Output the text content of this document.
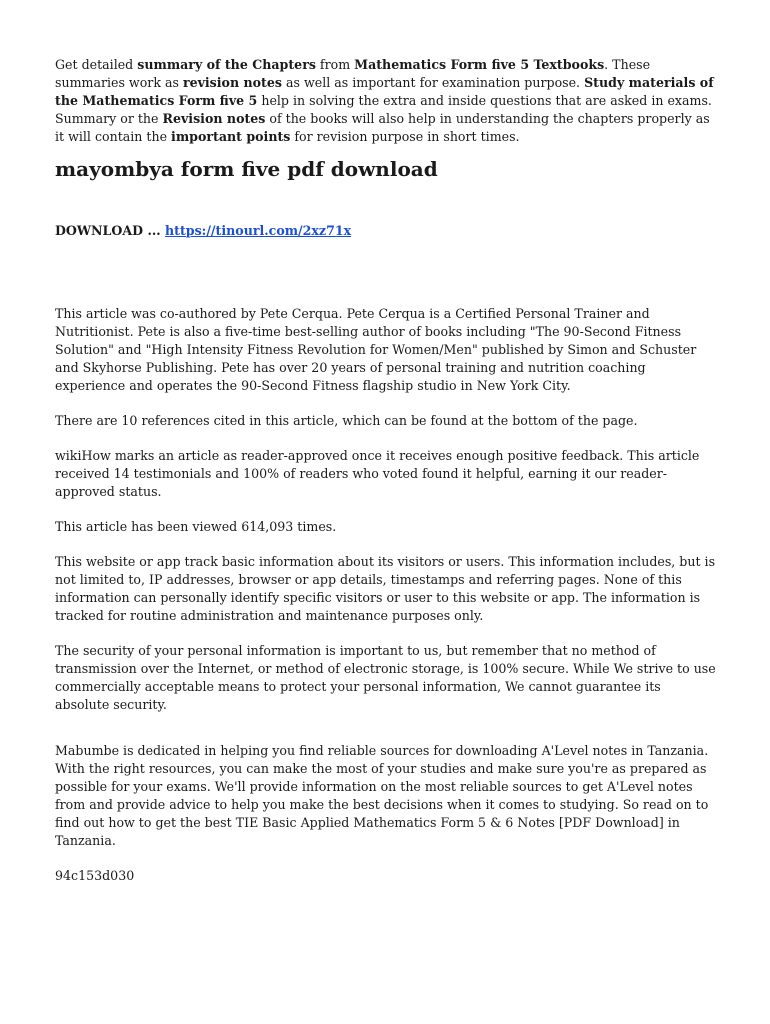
Get detailed summary of the Chapters from Mathematics Form five 5 Textbooks. These summaries work as revision notes as well as important for examination purpose. Study materials of the Mathematics Form five 5 help in solving the extra and inside questions that are asked in exams. Summary or the Revision notes of the books will also help in understanding the chapters properly as it will contain the important points for revision purpose in short times.

mayombya form five pdf download

DOWNLOAD ... https://tinourl.com/2xz71x

This article was co-authored by Pete Cerqua. Pete Cerqua is a Certified Personal Trainer and Nutritionist. Pete is also a five-time best-selling author of books including "The 90-Second Fitness Solution" and "High Intensity Fitness Revolution for Women/Men" published by Simon and Schuster and Skyhorse Publishing. Pete has over 20 years of personal training and nutrition coaching experience and operates the 90-Second Fitness flagship studio in New York City.

There are 10 references cited in this article, which can be found at the bottom of the page.

wikiHow marks an article as reader-approved once it receives enough positive feedback. This article received 14 testimonials and 100% of readers who voted found it helpful, earning it our reader-approved status.

This article has been viewed 614,093 times.

This website or app track basic information about its visitors or users. This information includes, but is not limited to, IP addresses, browser or app details, timestamps and referring pages. None of this information can personally identify specific visitors or user to this website or app. The information is tracked for routine administration and maintenance purposes only.

The security of your personal information is important to us, but remember that no method of transmission over the Internet, or method of electronic storage, is 100% secure. While We strive to use commercially acceptable means to protect your personal information, We cannot guarantee its absolute security.

Mabumbe is dedicated in helping you find reliable sources for downloading A'Level notes in Tanzania. With the right resources, you can make the most of your studies and make sure you're as prepared as possible for your exams. We'll provide information on the most reliable sources to get A'Level notes from and provide advice to help you make the best decisions when it comes to studying. So read on to find out how to get the best TIE Basic Applied Mathematics Form 5 & 6 Notes [PDF Download] in Tanzania.

94c153d030
